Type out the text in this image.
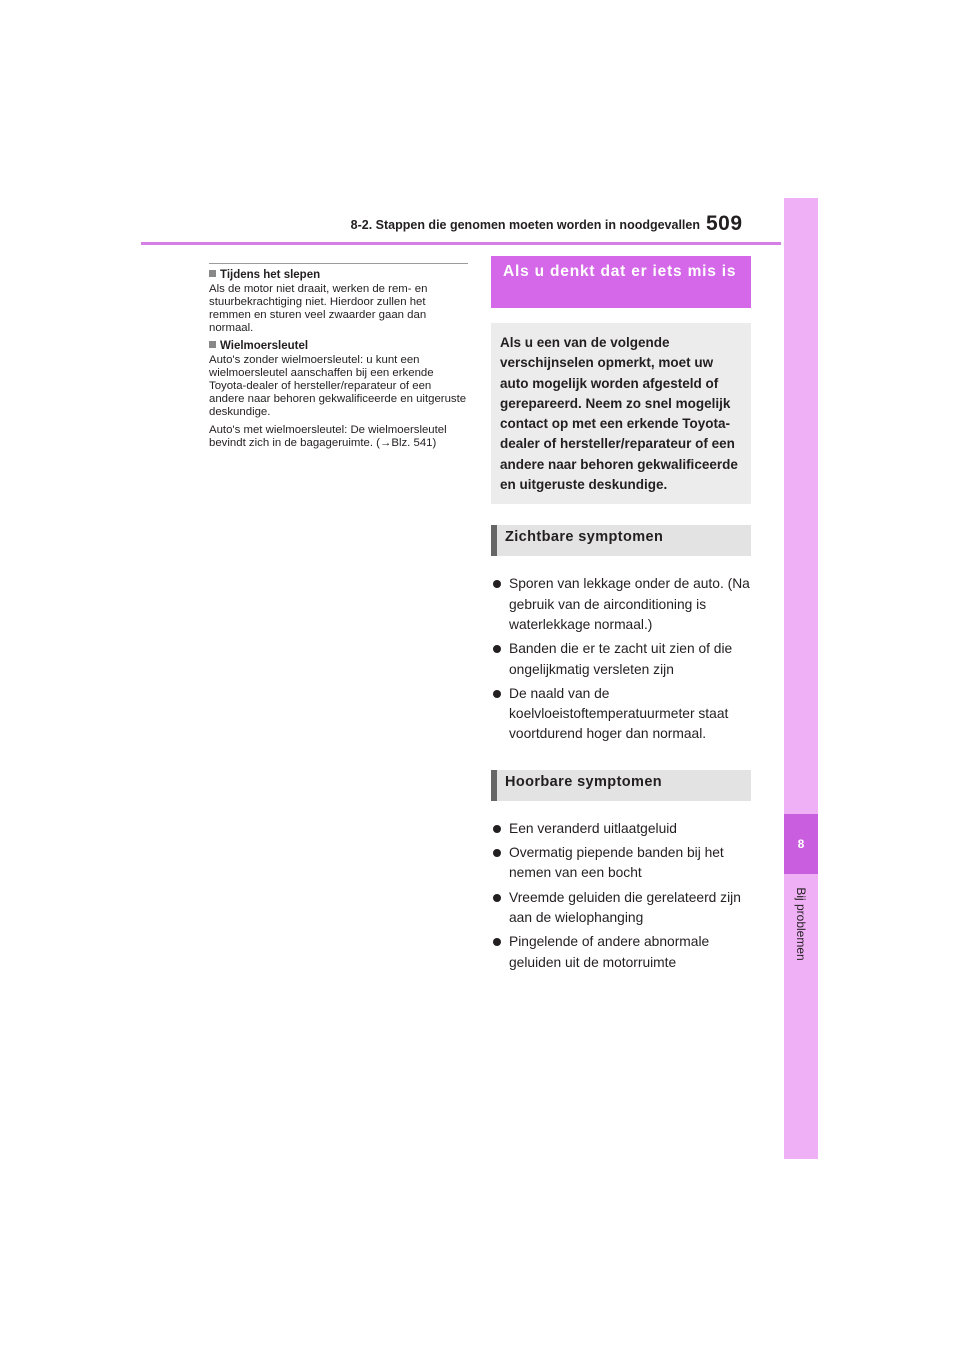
8-2. Stappen die genomen moeten worden in noodgevallen 509
8
Bij problemen
Tijdens het slepen

Als de motor niet draait, werken de rem- en stuurbekrachtiging niet. Hierdoor zullen het remmen en sturen veel zwaarder gaan dan normaal.

Wielmoersleutel

Auto's zonder wielmoersleutel: u kunt een wielmoersleutel aanschaffen bij een erkende Toyota-dealer of hersteller/reparateur of een andere naar behoren gekwalificeerde en uitgeruste deskundige.

Auto's met wielmoersleutel: De wielmoersleutel bevindt zich in de bagageruimte. (→Blz. 541)

Als u denkt dat er iets mis is
Als u een van de volgende verschijnselen opmerkt, moet uw auto mogelijk worden afgesteld of gerepareerd. Neem zo snel mogelijk contact op met een erkende Toyota-dealer of hersteller/reparateur of een andere naar behoren gekwalificeerde en uitgeruste deskundige.
Zichtbare symptomen
Sporen van lekkage onder de auto. (Na gebruik van de airconditioning is waterlekkage normaal.)
Banden die er te zacht uit zien of die ongelijkmatig versleten zijn
De naald van de koelvloeistoftemperatuurmeter staat voortdurend hoger dan normaal.
Hoorbare symptomen
Een veranderd uitlaatgeluid
Overmatig piepende banden bij het nemen van een bocht
Vreemde geluiden die gerelateerd zijn aan de wielophanging
Pingelende of andere abnormale geluiden uit de motorruimte
